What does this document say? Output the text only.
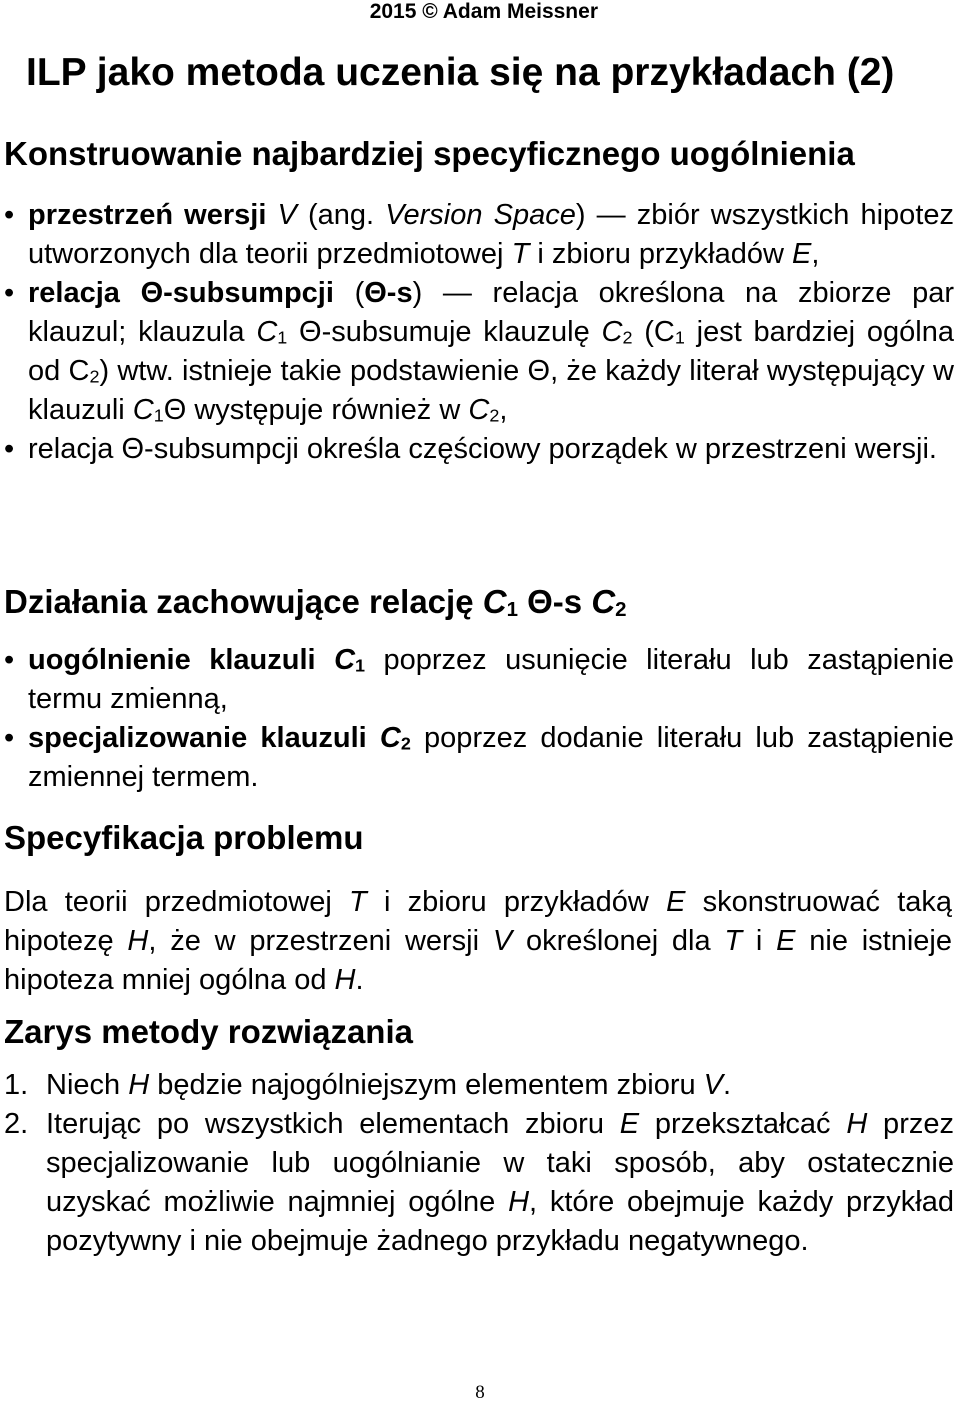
2015 © Adam Meissner
ILP jako metoda uczenia się na przykładach (2)
Konstruowanie najbardziej specyficznego uogólnienia
• przestrzeń wersji V (ang. Version Space) — zbiór wszystkich hipotez utworzonych dla teorii przedmiotowej T i zbioru przykładów E,
• relacja Θ-subsumpcji (Θ-s) — relacja określona na zbiorze par klauzul; klauzula $C_1$ Θ-subsumuje klauzulę $C_2$ ($C_1$ jest bardziej ogólna od $C_2$) wtw. istnieje takie podstawienie Θ, że każdy literał występujący w klauzuli $C_1\Theta$ występuje również w $C_2$,
• relacja Θ-subsumpcji określa częściowy porządek w przestrzeni wersji.
Działania zachowujące relację $C_1$ Θ-s $C_2$
• uogólnienie klauzuli $C_1$ poprzez usunięcie literału lub zastąpienie termu zmienną,
• specjalizowanie klauzuli $C_2$ poprzez dodanie literału lub zastąpienie zmiennej termem.
Specyfikacja problemu

Dla teorii przedmiotowej T i zbioru przykładów E skonstruować taką hipotezę H, że w przestrzeni wersji V określonej dla T i E nie istnieje hipoteza mniej ogólna od H.

Zarys metody rozwiązania
1. Niech H będzie najogólniejszym elementem zbioru V.
2. Iterując po wszystkich elementach zbioru E przekształcać H przez specjalizowanie lub uogólnianie w taki sposób, aby ostatecznie uzyskać możliwie najmniej ogólne H, które obejmuje każdy przykład pozytywny i nie obejmuje żadnego przykładu negatywnego.
8
